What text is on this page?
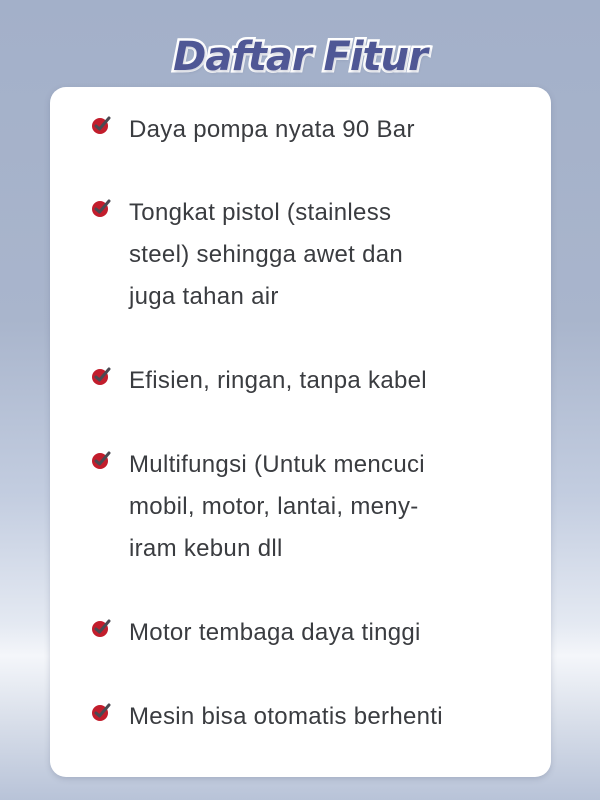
Daftar Fitur
Daya pompa nyata 90 Bar
Tongkat pistol (stainless
steel) sehingga awet dan
juga tahan air
Efisien, ringan, tanpa kabel
Multifungsi (Untuk mencuci
mobil, motor, lantai, meny-
iram kebun dll
Motor tembaga daya tinggi
Mesin bisa otomatis berhenti
